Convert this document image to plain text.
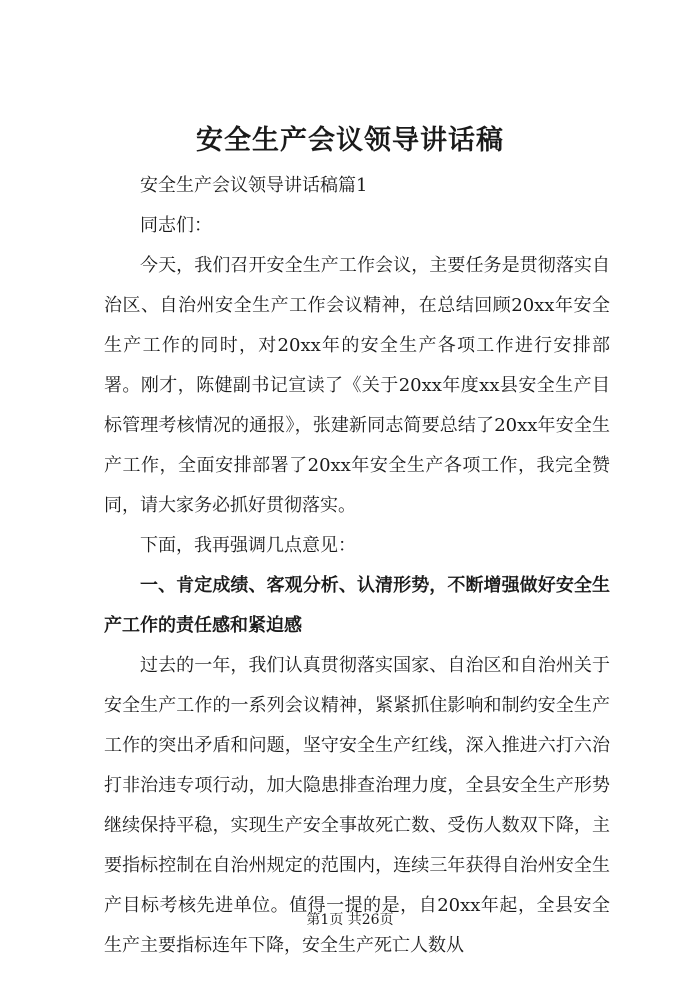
安全生产会议领导讲话稿

安全生产会议领导讲话稿篇1

同志们：

今天，我们召开安全生产工作会议，主要任务是贯彻落实自治区、自治州安全生产工作会议精神，在总结回顾20xx年安全生产工作的同时，对20xx年的安全生产各项工作进行安排部署。刚才，陈健副书记宣读了《关于20xx年度xx县安全生产目标管理考核情况的通报》，张建新同志简要总结了20xx年安全生产工作，全面安排部署了20xx年安全生产各项工作，我完全赞同，请大家务必抓好贯彻落实。

下面，我再强调几点意见：

一、肯定成绩、客观分析、认清形势，不断增强做好安全生产工作的责任感和紧迫感

过去的一年，我们认真贯彻落实国家、自治区和自治州关于安全生产工作的一系列会议精神，紧紧抓住影响和制约安全生产工作的突出矛盾和问题，坚守安全生产红线，深入推进六打六治打非治违专项行动，加大隐患排查治理力度，全县安全生产形势继续保持平稳，实现生产安全事故死亡数、受伤人数双下降，主要指标控制在自治州规定的范围内，连续三年获得自治州安全生产目标考核先进单位。值得一提的是，自20xx年起，全县安全生产主要指标连年下降，安全生产死亡人数从

第1页 共26页
